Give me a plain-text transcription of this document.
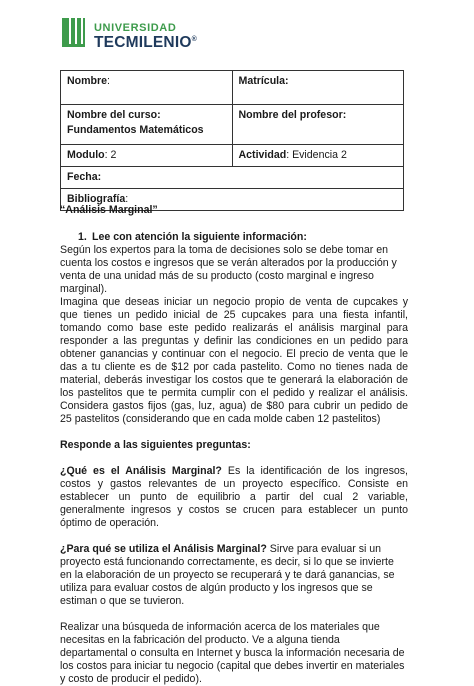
UNIVERSIDAD
TECMILENIO®
Nombre:	Matrícula:
Nombre del curso: Fundamentos Matemáticos	Nombre del profesor:
Modulo: 2	Actividad: Evidencia 2
Fecha:	
Bibliografía:	

“Análisis Marginal”

1. Lee con atención la siguiente información:

Según los expertos para la toma de decisiones solo se debe tomar en cuenta los costos e ingresos que se verán alterados por la producción y venta de una unidad más de su producto (costo marginal e ingreso marginal).

Imagina que deseas iniciar un negocio propio de venta de cupcakes y que tienes un pedido inicial de 25 cupcakes para una fiesta infantil, tomando como base este pedido realizarás el análisis marginal para responder a las preguntas y definir las condiciones en un pedido para obtener ganancias y continuar con el negocio. El precio de venta que le das a tu cliente es de $12 por cada pastelito. Como no tienes nada de material, deberás investigar los costos que te generará la elaboración de los pastelitos que te permita cumplir con el pedido y realizar el análisis. Considera gastos fijos (gas, luz, agua) de $80 para cubrir un pedido de 25 pastelitos (considerando que en cada molde caben 12 pastelitos)

Responde a las siguientes preguntas:

¿Qué es el Análisis Marginal? Es la identificación de los ingresos, costos y gastos relevantes de un proyecto específico. Consiste en establecer un punto de equilibrio a partir del cual 2 variable, generalmente ingresos y costos se crucen para establecer un punto óptimo de operación.

¿Para qué se utiliza el Análisis Marginal? Sirve para evaluar si un proyecto está funcionando correctamente, es decir, si lo que se invierte en la elaboración de un proyecto se recuperará y te dará ganancias, se utiliza para evaluar costos de algún producto y los ingresos que se estiman o que se tuvieron.

Realizar una búsqueda de información acerca de los materiales que necesitas en la fabricación del producto. Ve a alguna tienda departamental o consulta en Internet y busca la información necesaria de los costos para iniciar tu negocio (capital que debes invertir en materiales y costo de producir el pedido).
